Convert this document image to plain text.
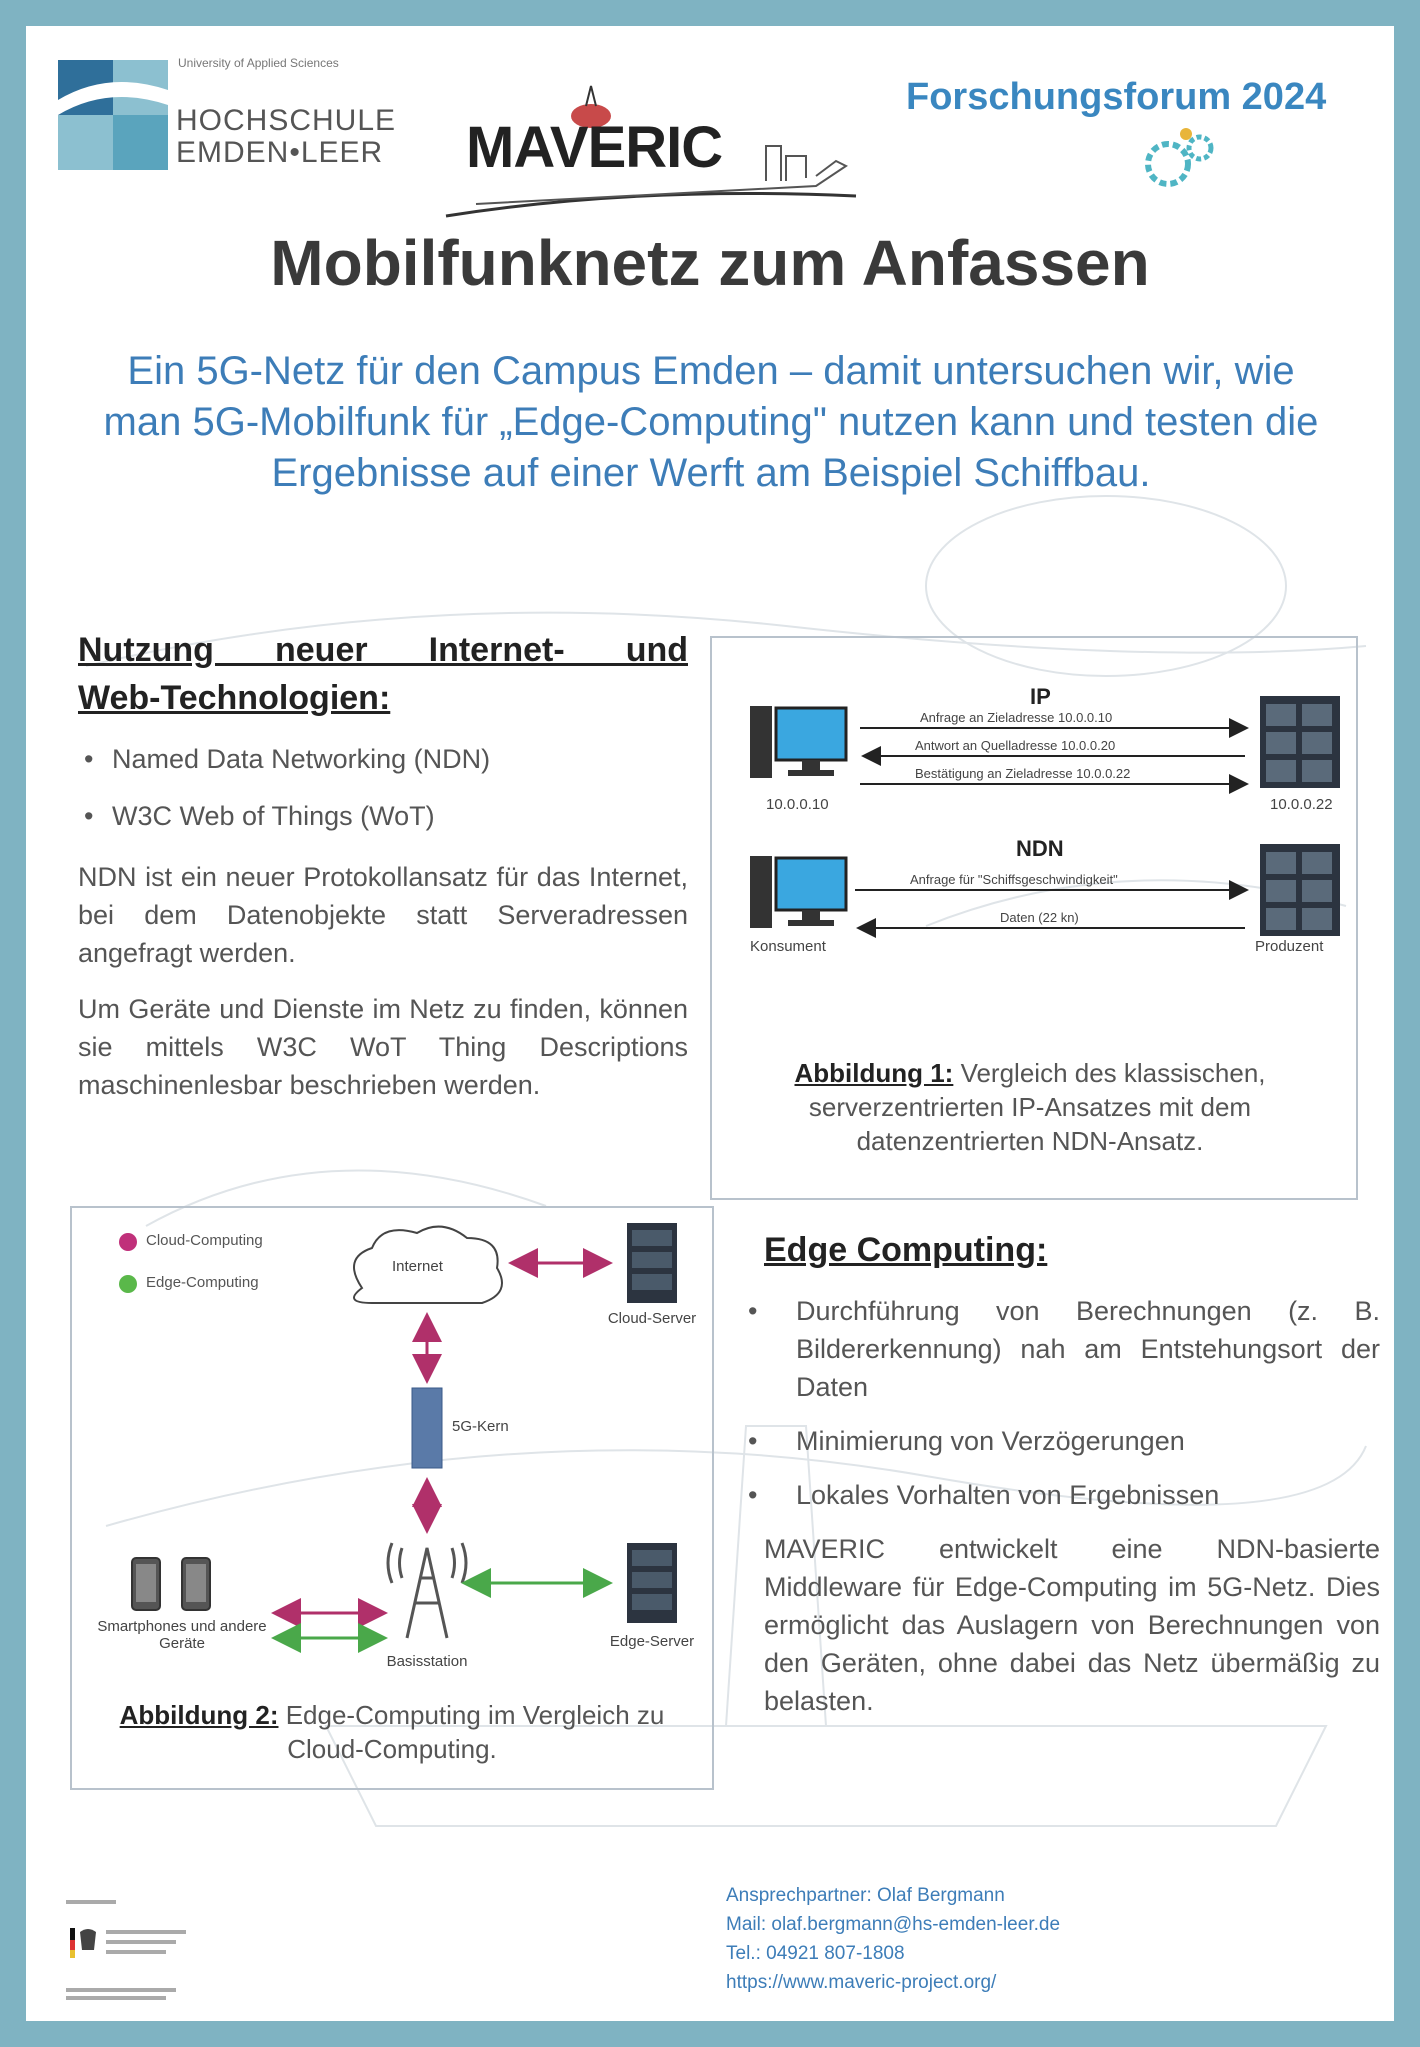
University of Applied Sciences
HOCHSCHULE
EMDEN•LEER MAVERIC
Forschungsforum 2024
Mobilfunknetz zum Anfassen
Ein 5G-Netz für den Campus Emden – damit untersuchen wir, wie man 5G-Mobilfunk für „Edge-Computing" nutzen kann und testen die Ergebnisse auf einer Werft am Beispiel Schiffbau.
Nutzung neuer Internet- und
Web-Technologien:
• Named Data Networking (NDN)
• W3C Web of Things (WoT)

NDN ist ein neuer Protokollansatz für das Internet, bei dem Datenobjekte statt Serveradressen angefragt werden.

Um Geräte und Dienste im Netz zu finden, können sie mittels W3C WoT Thing Descriptions maschinenlesbar beschrieben werden.

IP
Anfrage an Zieladresse 10.0.0.10
Antwort an Quelladresse 10.0.0.20
Bestätigung an Zieladresse 10.0.0.22
10.0.0.10	10.0.0.22
NDN
Anfrage für "Schiffsgeschwindigkeit"
Daten (22 kn)
Konsument	Produzent
Abbildung 1: Vergleich des klassischen, serverzentrierten IP-Ansatzes mit dem datenzentrierten NDN-Ansatz.
Cloud-Computing
Edge-Computing
Internet
Cloud-Server
5G-Kern
Smartphones und andere Geräte
Basisstation
Edge-Server
Abbildung 2: Edge-Computing im Vergleich zu Cloud-Computing.
Edge Computing:
• Durchführung von Berechnungen (z. B. Bildererkennung) nah am Entstehungsort der Daten
• Minimierung von Verzögerungen
• Lokales Vorhalten von Ergebnissen

MAVERIC entwickelt eine NDN-basierte Middleware für Edge-Computing im 5G-Netz. Dies ermöglicht das Auslagern von Berechnungen von den Geräten, ohne dabei das Netz übermäßig zu belasten.

Ansprechpartner: Olaf Bergmann
Mail: olaf.bergmann@hs-emden-leer.de
Tel.: 04921 807-1808
https://www.maveric-project.org/
